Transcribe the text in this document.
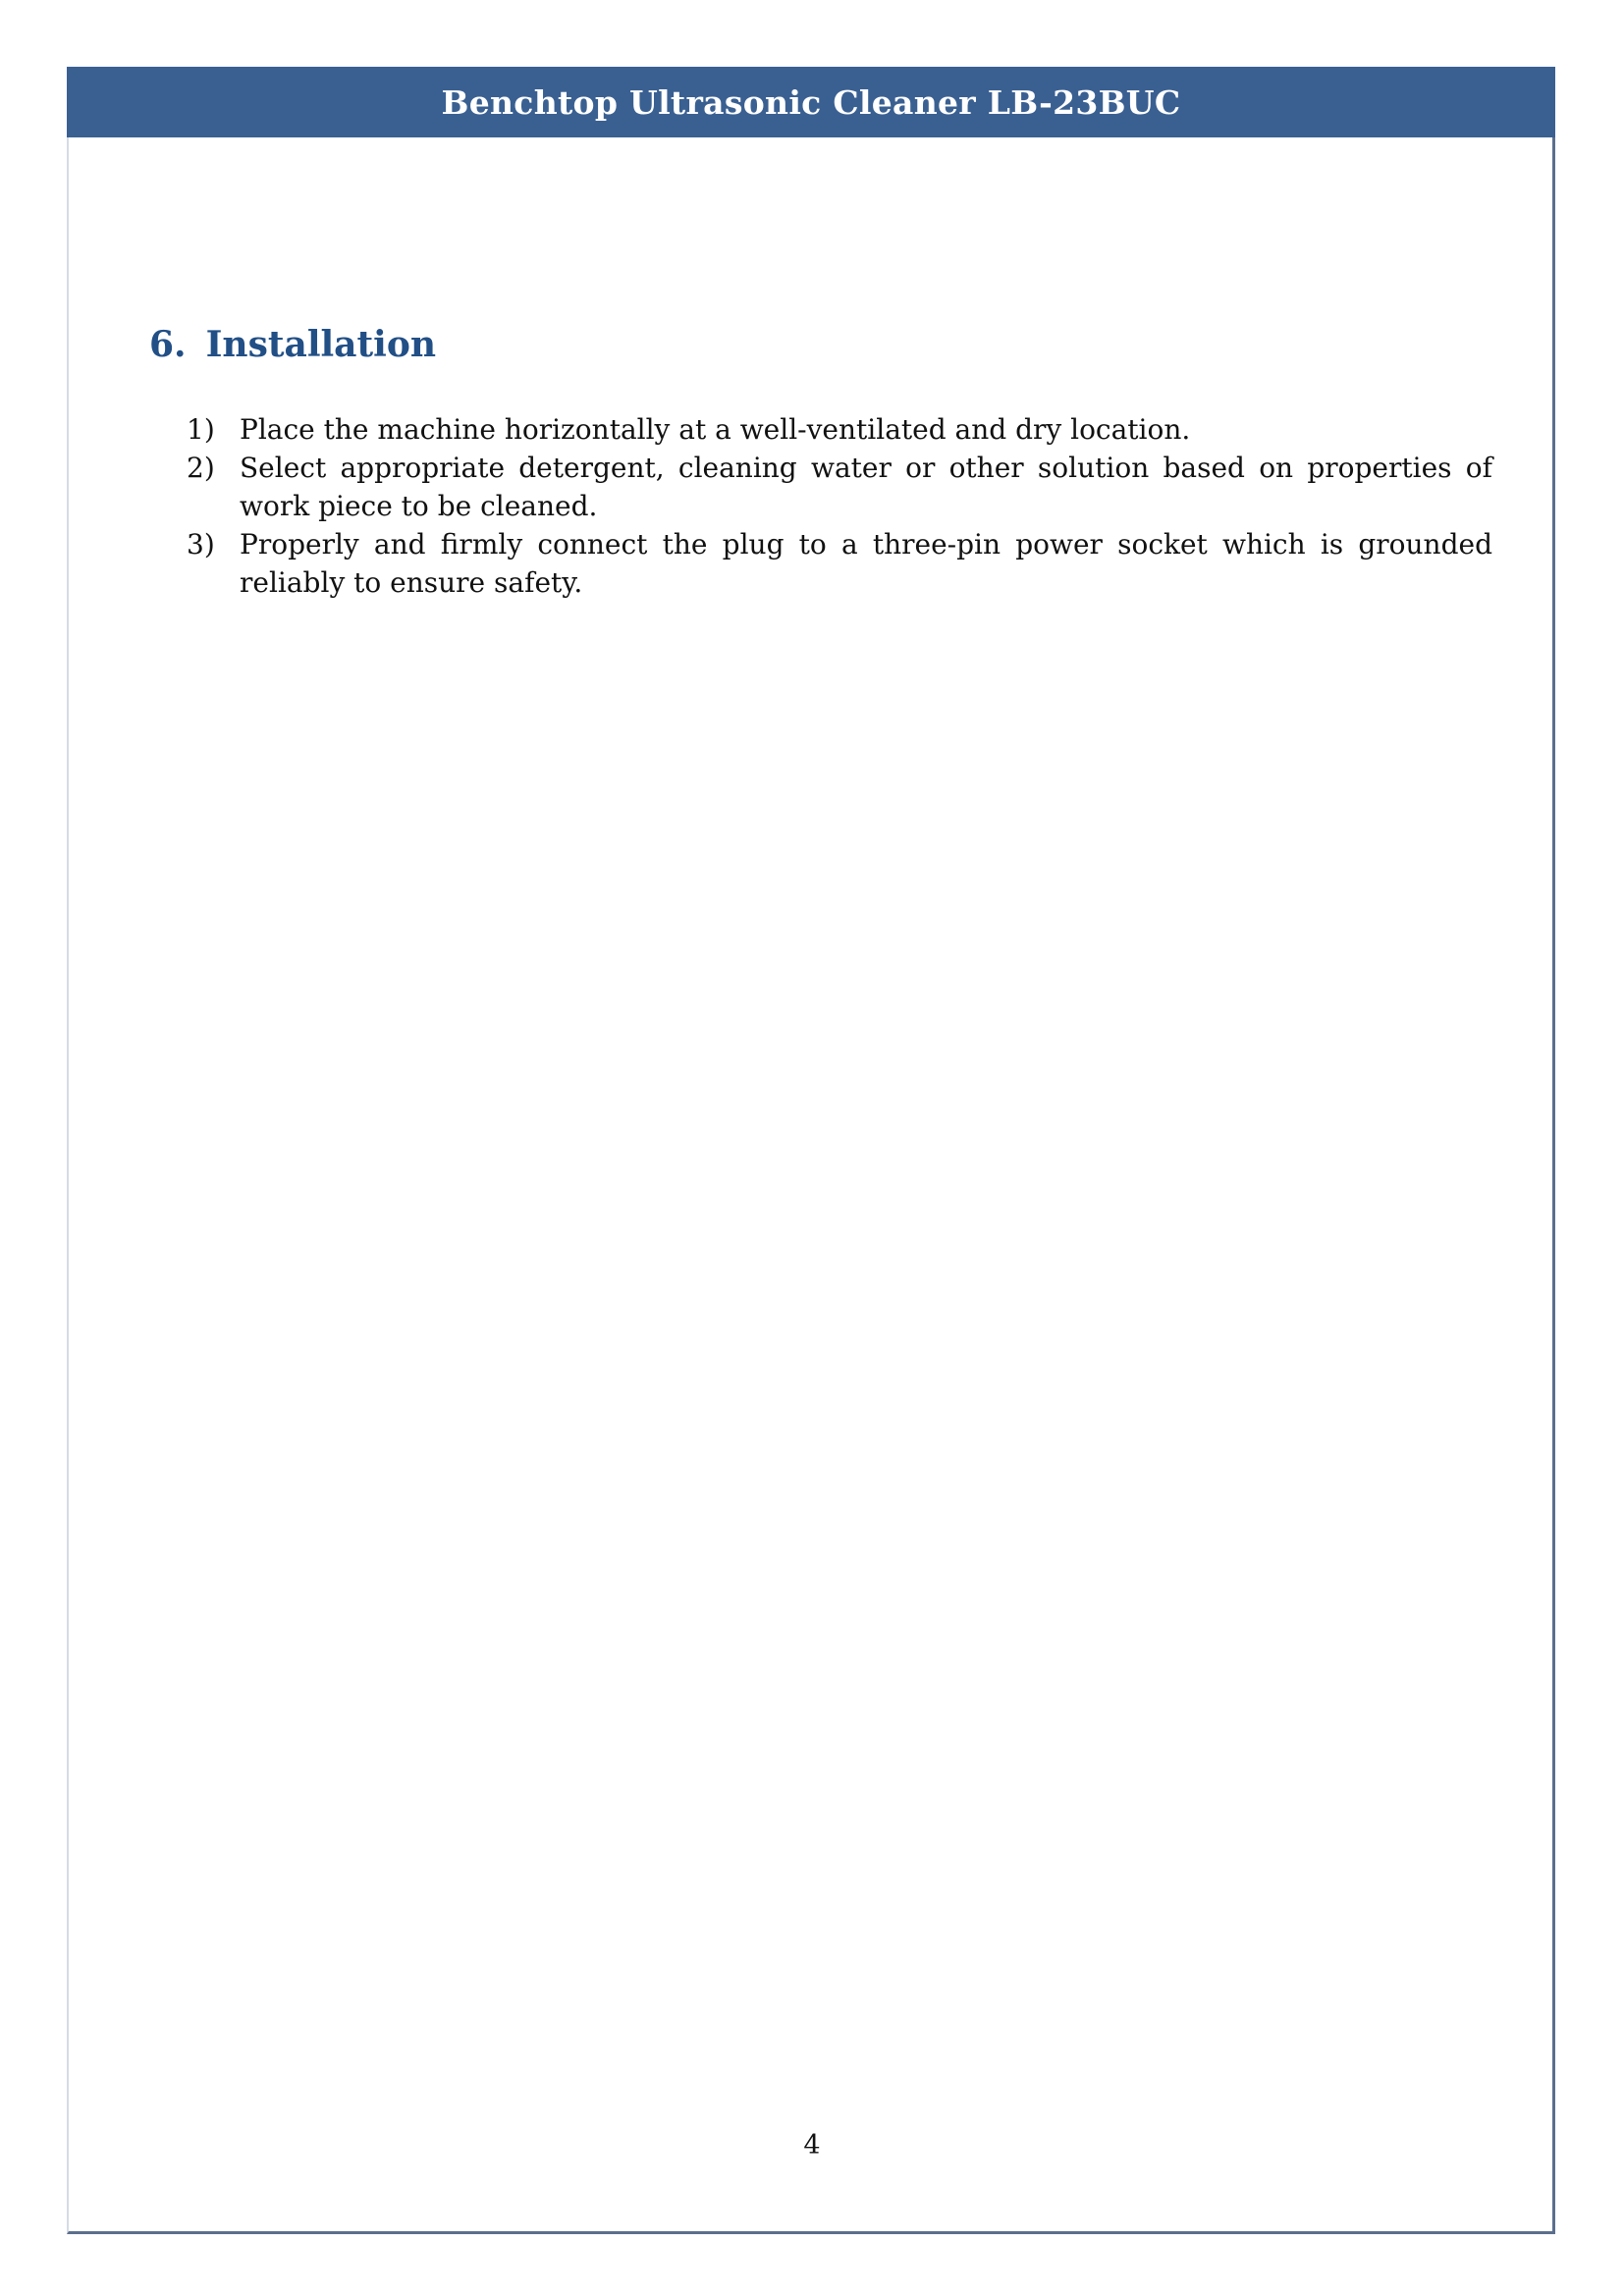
Benchtop Ultrasonic Cleaner LB-23BUC
6. Installation
1) Place the machine horizontally at a well-ventilated and dry location.
2) Select appropriate detergent, cleaning water or other solution based on properties of work piece to be cleaned.
3) Properly and firmly connect the plug to a three-pin power socket which is grounded reliably to ensure safety.
4
